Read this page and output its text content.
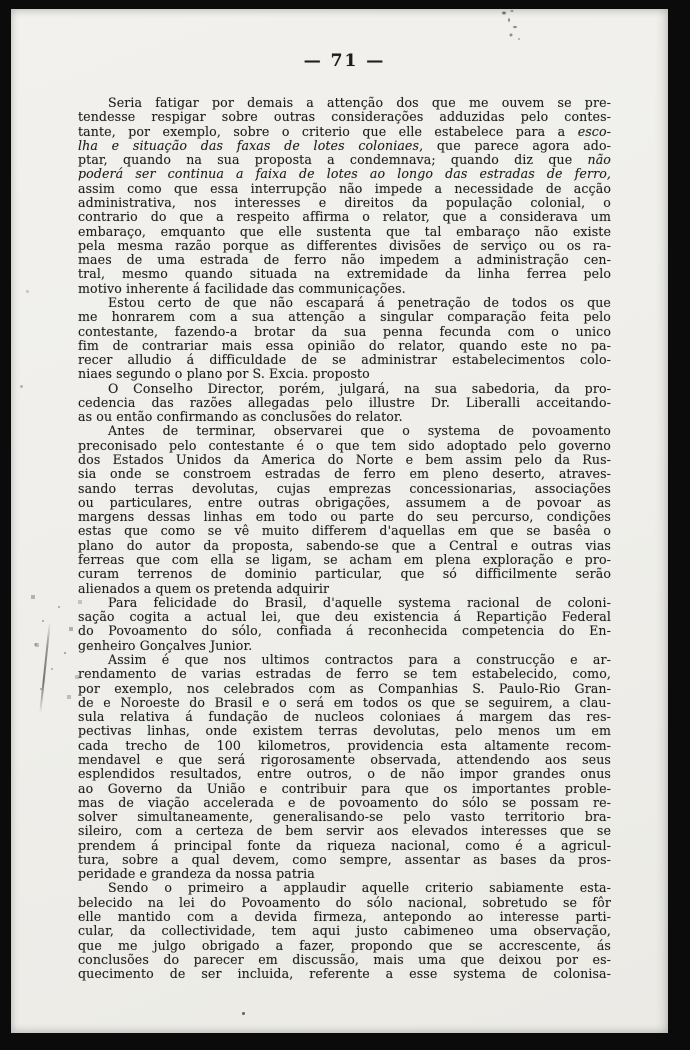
— 71 —
Seria fatigar por demais a attenção dos que me ouvem se pre-
tendesse respigar sobre outras considerações adduzidas pelo contes-
tante, por exemplo, sobre o criterio que elle estabelece para a esco-
lha e situação das faxas de lotes coloniaes, que parece agora ado-
ptar, quando na sua proposta a condemnava; quando diz que não
poderá ser continua a faixa de lotes ao longo das estradas de ferro,
assim como que essa interrupção não impede a necessidade de acção
administrativa, nos interesses e direitos da população colonial, o
contrario do que a respeito affirma o relator, que a considerava um
embaraço, emquanto que elle sustenta que tal embaraço não existe
pela mesma razão porque as differentes divisões de serviço ou os ra-
maes de uma estrada de ferro não impedem a administração cen-
tral, mesmo quando situada na extremidade da linha ferrea pelo
motivo inherente á facilidade das communicações.
Estou certo de que não escapará á penetração de todos os que
me honrarem com a sua attenção a singular comparação feita pelo
contestante, fazendo-a brotar da sua penna fecunda com o unico
fim de contrariar mais essa opinião do relator, quando este no pa-
recer alludio á difficuldade de se administrar estabelecimentos colo-
niaes segundo o plano por S. Excia. proposto
O Conselho Director, porém, julgará, na sua sabedoria, da pro-
cedencia das razões allegadas pelo illustre Dr. Liberalli acceitando-
as ou então confirmando as conclusões do relator.
Antes de terminar, observarei que o systema de povoamento
preconisado pelo contestante é o que tem sido adoptado pelo governo
dos Estados Unidos da America do Norte e bem assim pelo da Rus-
sia onde se constroem estradas de ferro em pleno deserto, atraves-
sando terras devolutas, cujas emprezas concessionarias, associações
ou particulares, entre outras obrigações, assumem a de povoar as
margens dessas linhas em todo ou parte do seu percurso, condições
estas que como se vê muito differem d'aquellas em que se basêa o
plano do autor da proposta, sabendo-se que a Central e outras vias
ferreas que com ella se ligam, se acham em plena exploração e pro-
curam terrenos de dominio particular, que só difficilmente serão
alienados a quem os pretenda adquirir
Para felicidade do Brasil, d'aquelle systema racional de coloni-
sação cogita a actual lei, que deu existencia á Repartição Federal
do Povoamento do sólo, confiada á reconhecida competencia do En-
genheiro Gonçalves Junior.
Assim é que nos ultimos contractos para a construcção e ar-
rendamento de varias estradas de ferro se tem estabelecido, como,
por exemplo, nos celebrados com as Companhias S. Paulo-Rio Gran-
de e Noroeste do Brasil e o será em todos os que se seguirem, a clau-
sula relativa á fundação de nucleos coloniaes á margem das res-
pectivas linhas, onde existem terras devolutas, pelo menos um em
cada trecho de 100 kilometros, providencia esta altamente recom-
mendavel e que será rigorosamente observada, attendendo aos seus
esplendidos resultados, entre outros, o de não impor grandes onus
ao Governo da União e contribuir para que os importantes proble-
mas de viação accelerada e de povoamento do sólo se possam re-
solver simultaneamente, generalisando-se pelo vasto territorio bra-
sileiro, com a certeza de bem servir aos elevados interesses que se
prendem á principal fonte da riqueza nacional, como é a agricul-
tura, sobre a qual devem, como sempre, assentar as bases da pros-
peridade e grandeza da nossa patria
Sendo o primeiro a applaudir aquelle criterio sabiamente esta-
belecido na lei do Povoamento do sólo nacional, sobretudo se fôr
elle mantido com a devida firmeza, antepondo ao interesse parti-
cular, da collectividade, tem aqui justo cabimeneo uma observação,
que me julgo obrigado a fazer, propondo que se accrescente, ás
conclusões do parecer em discussão, mais uma que deixou por es-
quecimento de ser incluida, referente a esse systema de colonisa-
